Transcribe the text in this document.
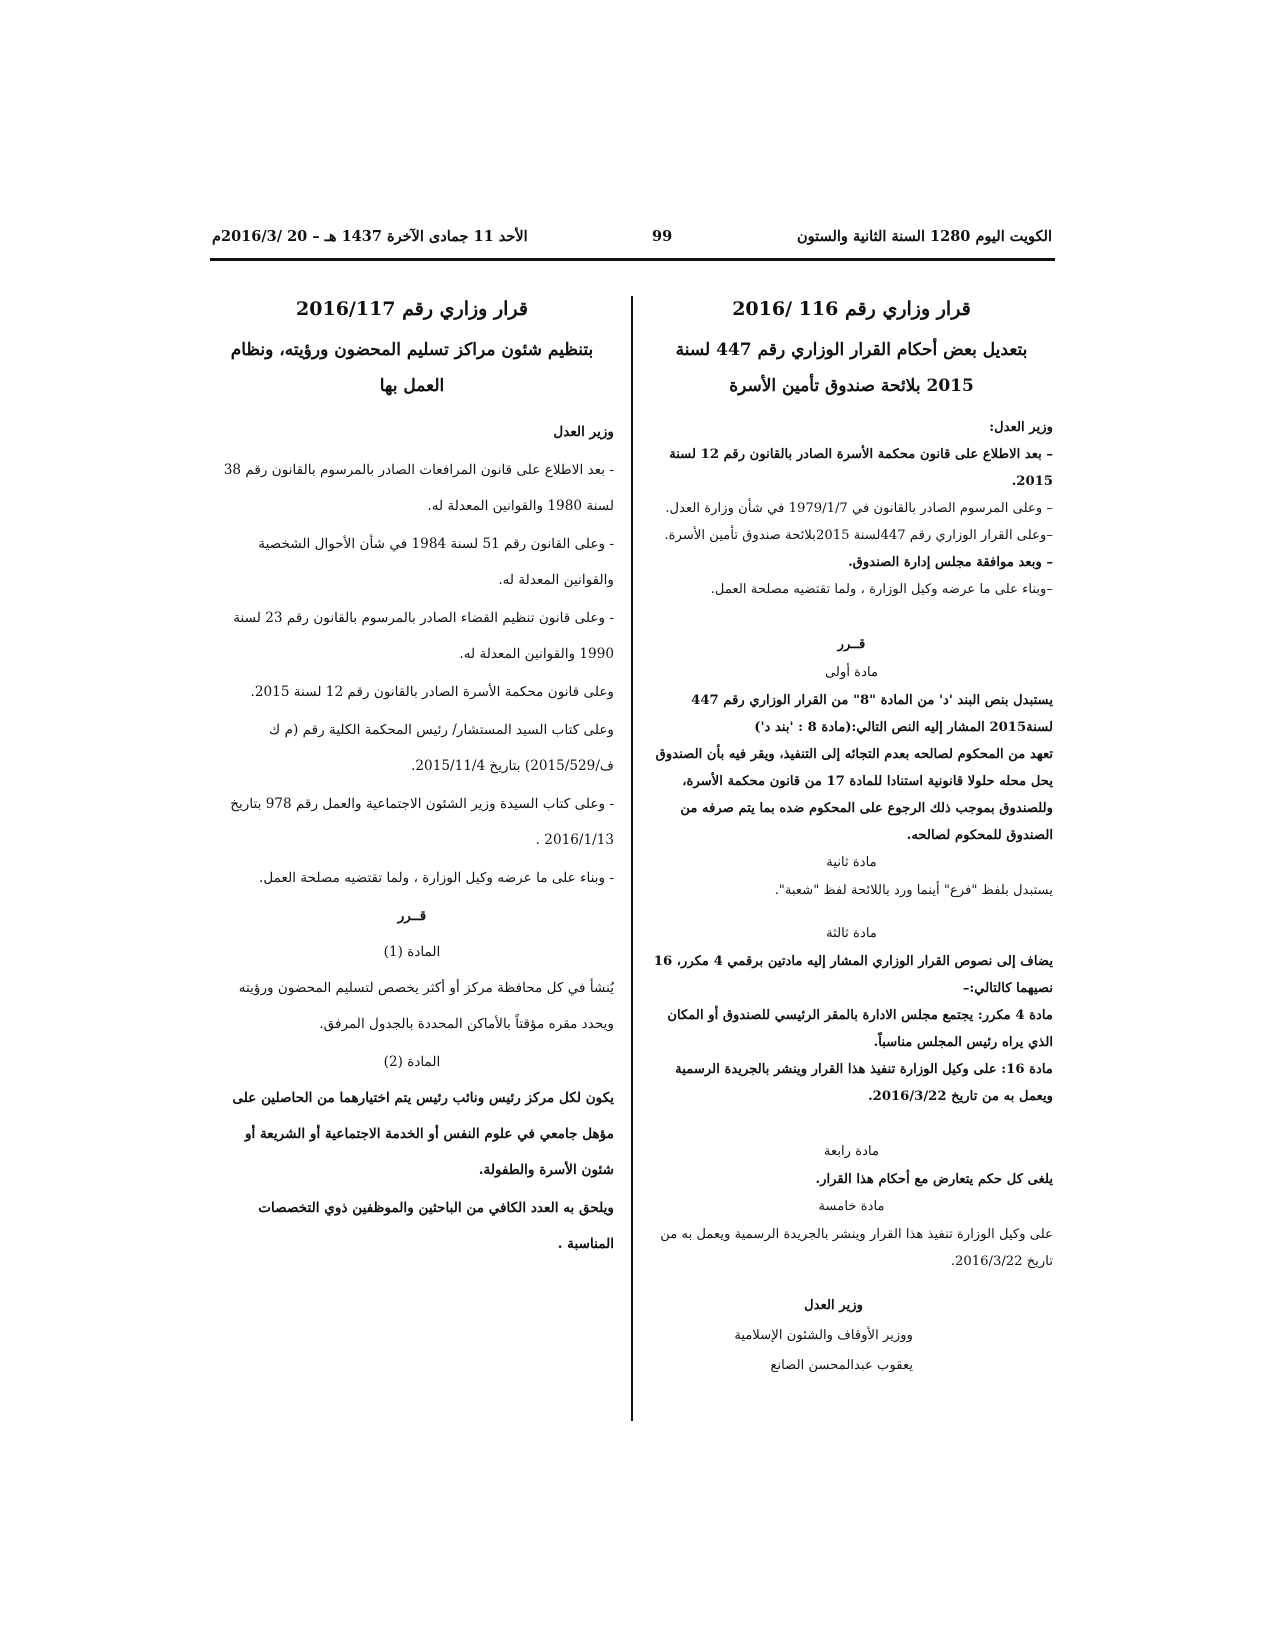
الكويت اليوم 1280 السنة الثانية والستون
99
الأحد 11 جمادى الآخرة 1437 هـ – 20 /2016/3م
قرار وزاري رقم 116 /2016
بتعديل بعض أحكام القرار الوزاري رقم 447 لسنة
2015 بلائحة صندوق تأمين الأسرة
وزير العدل:
– بعد الاطلاع على قانون محكمة الأسرة الصادر بالقانون رقم 12 لسنة 2015.
– وعلى المرسوم الصادر بالقانون في 1979/1/7 في شأن وزارة العدل.
–وعلى القرار الوزاري رقم 447لسنة 2015بلائحة صندوق تأمين الأسرة.
– وبعد موافقة مجلس إدارة الصندوق.
–وبناء على ما عرضه وكيل الوزارة ، ولما تقتضيه مصلحة العمل.
قــرر
مادة أولى
يستبدل بنص البند 'د' من المادة "8" من القرار الوزاري رقم 447 لسنة2015 المشار إليه النص التالي:(مادة 8 : 'بند د')
تعهد من المحكوم لصالحه بعدم التجائه إلى التنفيذ، ويقر فيه بأن الصندوق يحل محله حلولا قانونية استنادا للمادة 17 من قانون محكمة الأسرة، وللصندوق بموجب ذلك الرجوع على المحكوم ضده بما يتم صرفه من الصندوق للمحكوم لصالحه.
مادة ثانية
يستبدل بلفظ "فرع" أينما ورد باللائحة لفظ "شعبة".
مادة ثالثة
يضاف إلى نصوص القرار الوزاري المشار إليه مادتين برقمي 4 مكرر، 16 نصيهما كالتالي:–
مادة 4 مكرر: يجتمع مجلس الادارة بالمقر الرئيسي للصندوق أو المكان الذي يراه رئيس المجلس مناسباً.
مادة 16: على وكيل الوزارة تنفيذ هذا القرار وينشر بالجريدة الرسمية ويعمل به من تاريخ 2016/3/22.
مادة رابعة
يلغى كل حكم يتعارض مع أحكام هذا القرار.
مادة خامسة
على وكيل الوزارة تنفيذ هذا القرار وينشر بالجريدة الرسمية ويعمل به من تاريخ 2016/3/22.
وزير العدل
ووزير الأوقاف والشئون الإسلامية
يعقوب عبدالمحسن الصانع
قرار وزاري رقم 2016/117
بتنظيم شئون مراكز تسليم المحضون ورؤيته، ونظام
العمل بها
وزير العدل
- بعد الاطلاع على قانون المرافعات الصادر بالمرسوم بالقانون رقم 38 لسنة 1980 والقوانين المعدلة له.
- وعلى القانون رقم 51 لسنة 1984 في شأن الأحوال الشخصية والقوانين المعدلة له.
- وعلى قانون تنظيم القضاء الصادر بالمرسوم بالقانون رقم 23 لسنة 1990 والقوانين المعدلة له.
وعلى قانون محكمة الأسرة الصادر بالقانون رقم 12 لسنة 2015.
وعلى كتاب السيد المستشار/ رئيس المحكمة الكلية رقم (م ك ف/2015/529) بتاريخ 2015/11/4.
- وعلى كتاب السيدة وزير الشئون الاجتماعية والعمل رقم 978 بتاريخ 2016/1/13 .
- وبناء على ما عرضه وكيل الوزارة ، ولما تقتضيه مصلحة العمل.
قــرر
المادة (1)
يُنشأ في كل محافظة مركز أو أكثر يخصص لتسليم المحضون ورؤيته ويحدد مقره مؤقتاً بالأماكن المحددة بالجدول المرفق.
المادة (2)
يكون لكل مركز رئيس ونائب رئيس يتم اختيارهما من الحاصلين على مؤهل جامعي في علوم النفس أو الخدمة الاجتماعية أو الشريعة أو شئون الأسرة والطفولة.
ويلحق به العدد الكافي من الباحثين والموظفين ذوي التخصصات المناسبة .
